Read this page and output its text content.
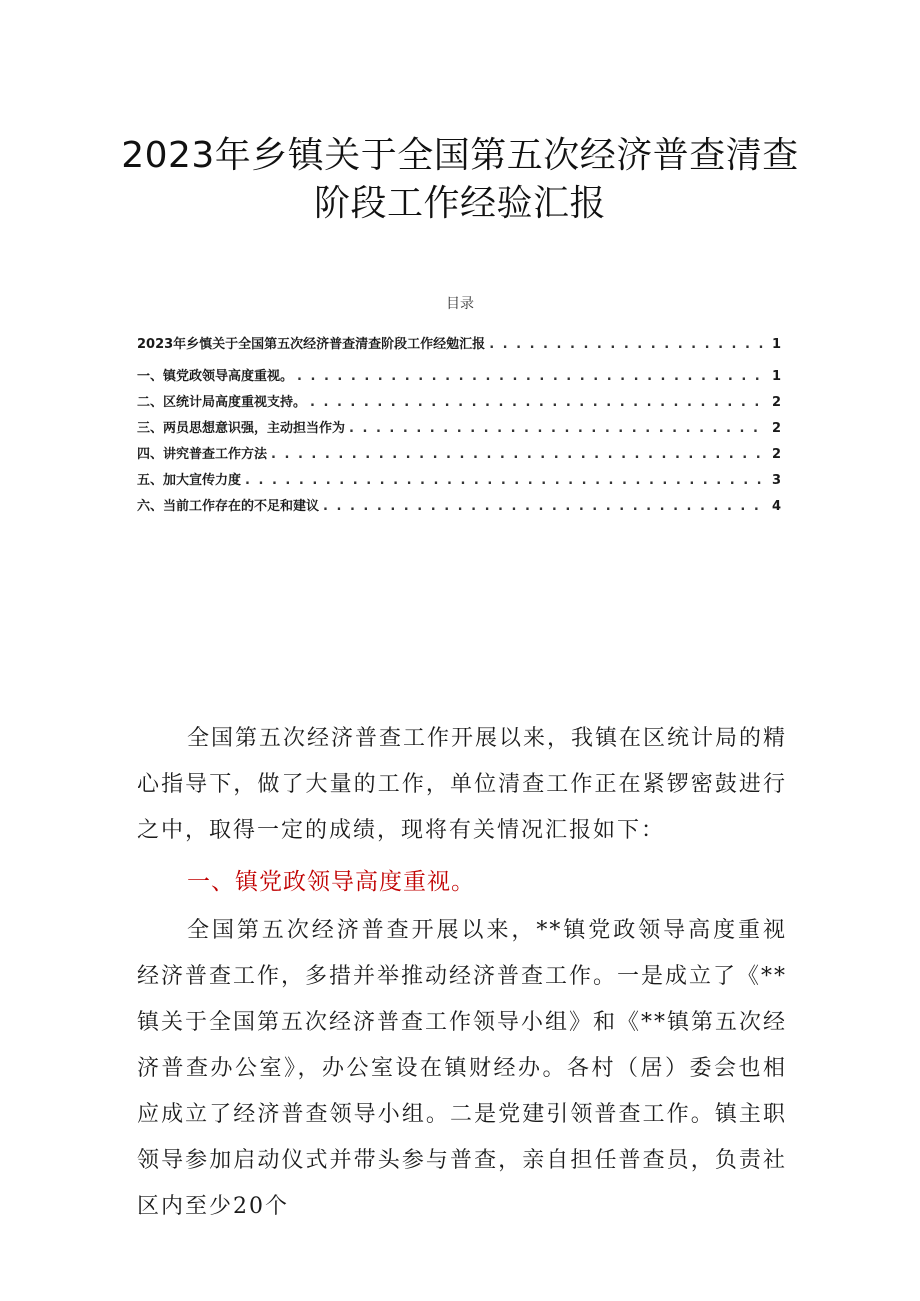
2023年乡镇关于全国第五次经济普查清查
阶段工作经验汇报
目录
2023年乡慎关于全国第五次经济普查清查阶段工作经勉汇报 . . .	1
一、镇党政领导高度重视。 . . .	1
二、区统计局高度重视支持。 . . .	2
三、两员思想意识强，主动担当作为 . . .	2
四、讲究普查工作方法 . . .	2
五、加大宣传力度 . . .	3
六、当前工作存在的不足和建议 . . .	4
全国第五次经济普查工作开展以来，我镇在区统计局的精心指导下，做了大量的工作，单位清查工作正在紧锣密鼓进行之中，取得一定的成绩，现将有关情况汇报如下：
一、镇党政领导高度重视。
全国第五次经济普查开展以来，**镇党政领导高度重视经济普查工作，多措并举推动经济普查工作。一是成立了《**镇关于全国第五次经济普查工作领导小组》和《**镇第五次经济普查办公室》，办公室设在镇财经办。各村（居）委会也相应成立了经济普查领导小组。二是党建引领普查工作。镇主职领导参加启动仪式并带头参与普查，亲自担任普查员，负责社区内至少20个
